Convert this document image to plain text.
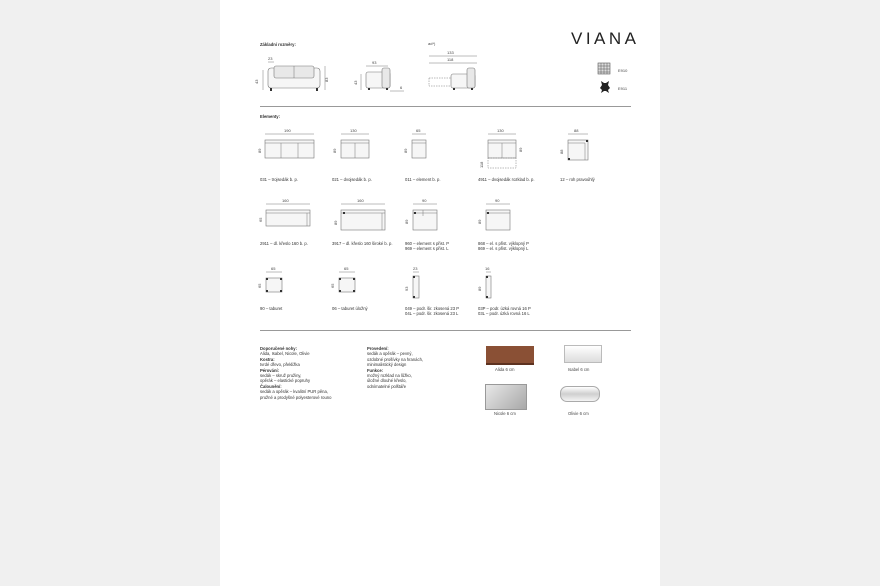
VIANA
Základní rozměry:	ad*)
23
43	83
93
43
6
133
118
E910
E911
Elementy:
190
89
031 – trojsedák b. p.
130
89
021 – dvojsedák b. p.
65
89
011 – element b. p.
130
89
118
4911 – dvojsedák rozklad b. p.
88
88
12 – roh pravoúhlý
160
65
2911 – dl. křeslo 160 b. p.
160
89
3917 – dl. křeslo 160 široké b. p.
90
89
960 – element s přist. P
969 – element s přist. L
90
89
868 – el. s přist. výklopný P
869 – el. s přist. výklopný L
65
65
90 – taburet
65
65
06 – taburet úložný
23
93
049 – podr. šir. zkosená 23 P
04L – podr. šir. zkosená 23 L
16
89
03P – podr. úzká rovná 16 P
03L – podr. úzká rovná 16 L
Doporučené nohy:
Alida, Isabel, Nicole, Olivie
Kostra:
tvrdé dřevo, překližka
Pérování:
sedák – skruž pružiny,
opěrák – elastické popruhy
Čalounění:
sedák a opěrák – kvalitní PUR pěna,
pružné a prodyšné polyesterové rouno
Provedení:
sedák a opěrák – pevný,
ozdobné prošívky na hranách,
minimalistický design
Funkce:
možný rozklad na lůžko,
úložné dlouhé křeslo,
odnímatelné polštáře
Alida 6 cm	Isabel 6 cm
Nicole 6 cm	Olivie 6 cm
